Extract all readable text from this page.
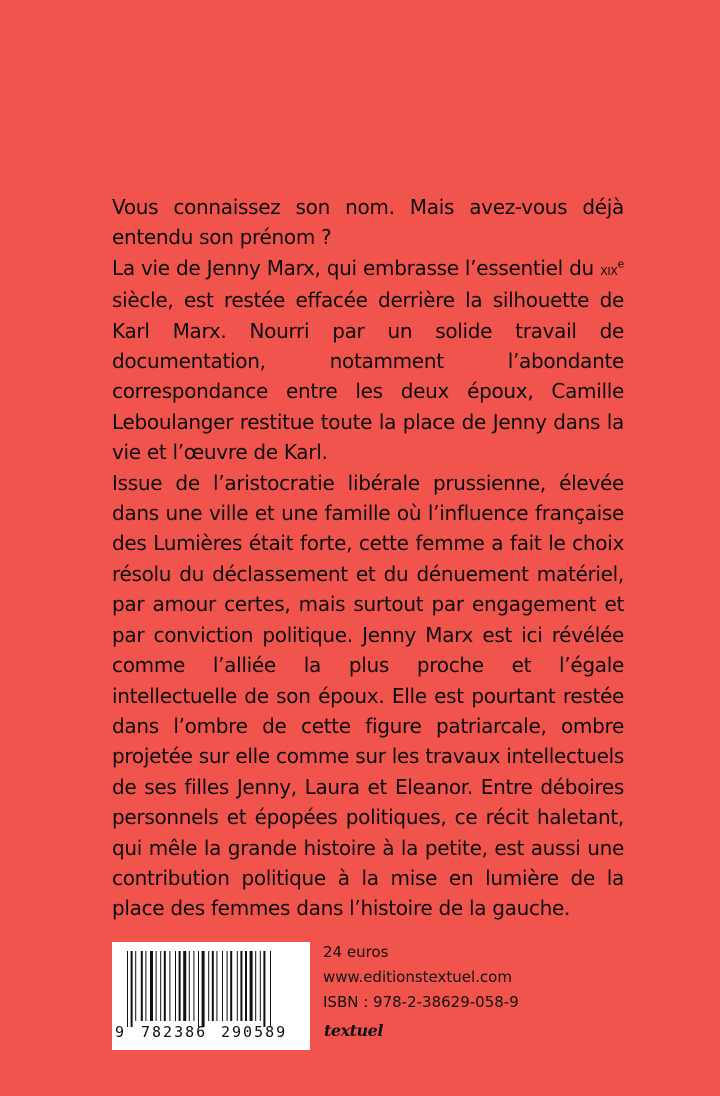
Vous connaissez son nom. Mais avez-vous déjà entendu son prénom ?

La vie de Jenny Marx, qui embrasse l’essentiel du xix$^e$ siècle, est restée effacée derrière la silhouette de Karl Marx. Nourri par un solide travail de documentation, notamment l’abondante correspondance entre les deux époux, Camille Leboulanger restitue toute la place de Jenny dans la vie et l’œuvre de Karl.

Issue de l’aristocratie libérale prussienne, élevée dans une ville et une famille où l’influence française des Lumières était forte, cette femme a fait le choix résolu du déclassement et du dénuement matériel, par amour certes, mais surtout par engagement et par conviction politique. Jenny Marx est ici révélée comme l’alliée la plus proche et l’égale intellectuelle de son époux. Elle est pourtant restée dans l’ombre de cette figure patriarcale, ombre projetée sur elle comme sur les travaux intellectuels de ses filles Jenny, Laura et Eleanor. Entre déboires personnels et épopées politiques, ce récit haletant, qui mêle la grande histoire à la petite, est aussi une contribution politique à la mise en lumière de la place des femmes dans l’histoire de la gauche.

9 782386 290589
24 euros
www.editionstextuel.com
ISBN : 978-2-38629-058-9
textuel
